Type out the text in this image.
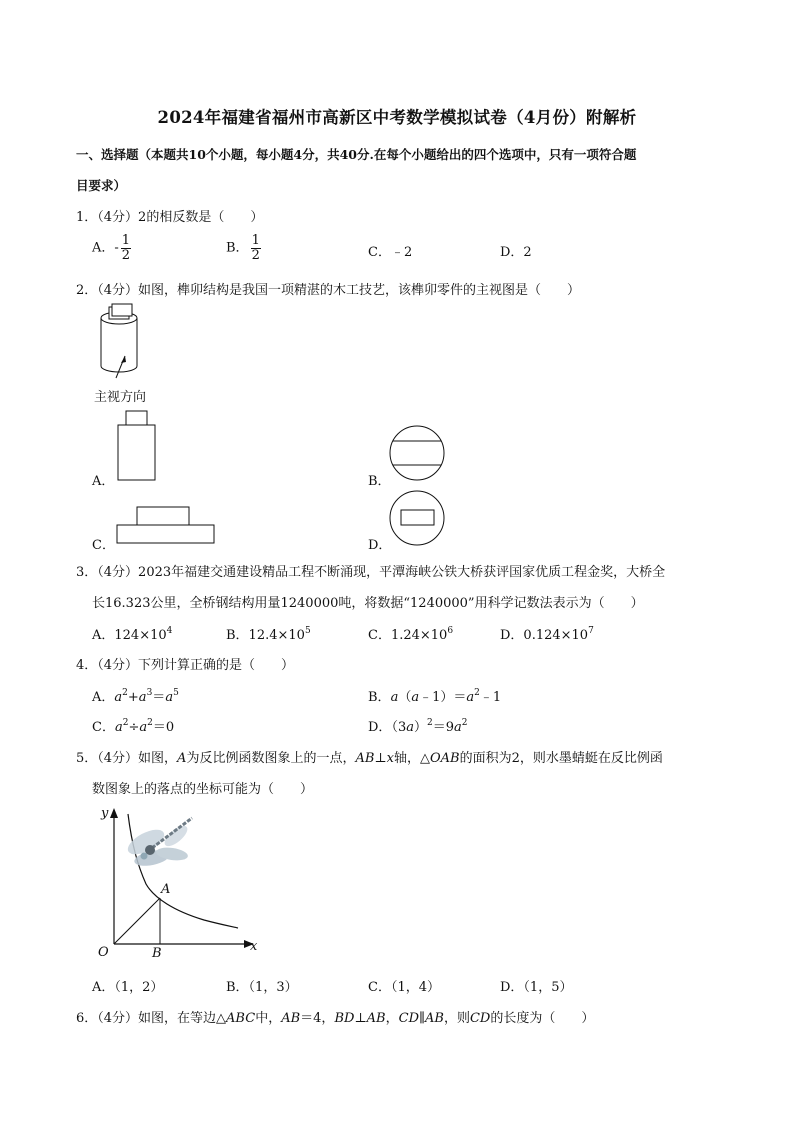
2024年福建省福州市高新区中考数学模拟试卷（4月份）附解析
一、选择题（本题共10个小题，每小题4分，共40分.在每个小题给出的四个选项中，只有一项符合题
目要求）
1．（4分）2的相反数是（　　）
A．- $\frac{1}{2}$	B． $\frac{1}{2}$	C．﹣2	D．2
2．（4分）如图，榫卯结构是我国一项精湛的木工技艺，该榫卯零件的主视图是（　　）
主视方向
A．	B．
C．	D．
3．（4分）2023年福建交通建设精品工程不断涌现，平潭海峡公铁大桥获评国家优质工程金奖，大桥全
长16.323公里，全桥钢结构用量1240000吨，将数据“1240000”用科学记数法表示为（　　）
A．$124\times 10^4$	B．$12.4\times 10^5$	C．$1.24\times 10^6$	D．$0.124\times 10^7$
4．（4分）下列计算正确的是（　　）
A．$a^2+a^3=a^5$	B．$a(a﹣1)=a^2﹣1$
C．$a^2\div a^2=0$	D．$(3a)^2=9a^2$
5．（4分）如图，A为反比例函数图象上的一点，AB⊥x轴，△OAB的面积为2，则水墨蜻蜓在反比例函
数图象上的落点的坐标可能为（　　）
y
x
O
A
B
A．（1，2）	B．（1，3）	C．（1，4）	D．（1，5）
6．（4分）如图，在等边△ABC中，AB＝4，BD⊥AB，CD∥AB，则CD的长度为（　　）
